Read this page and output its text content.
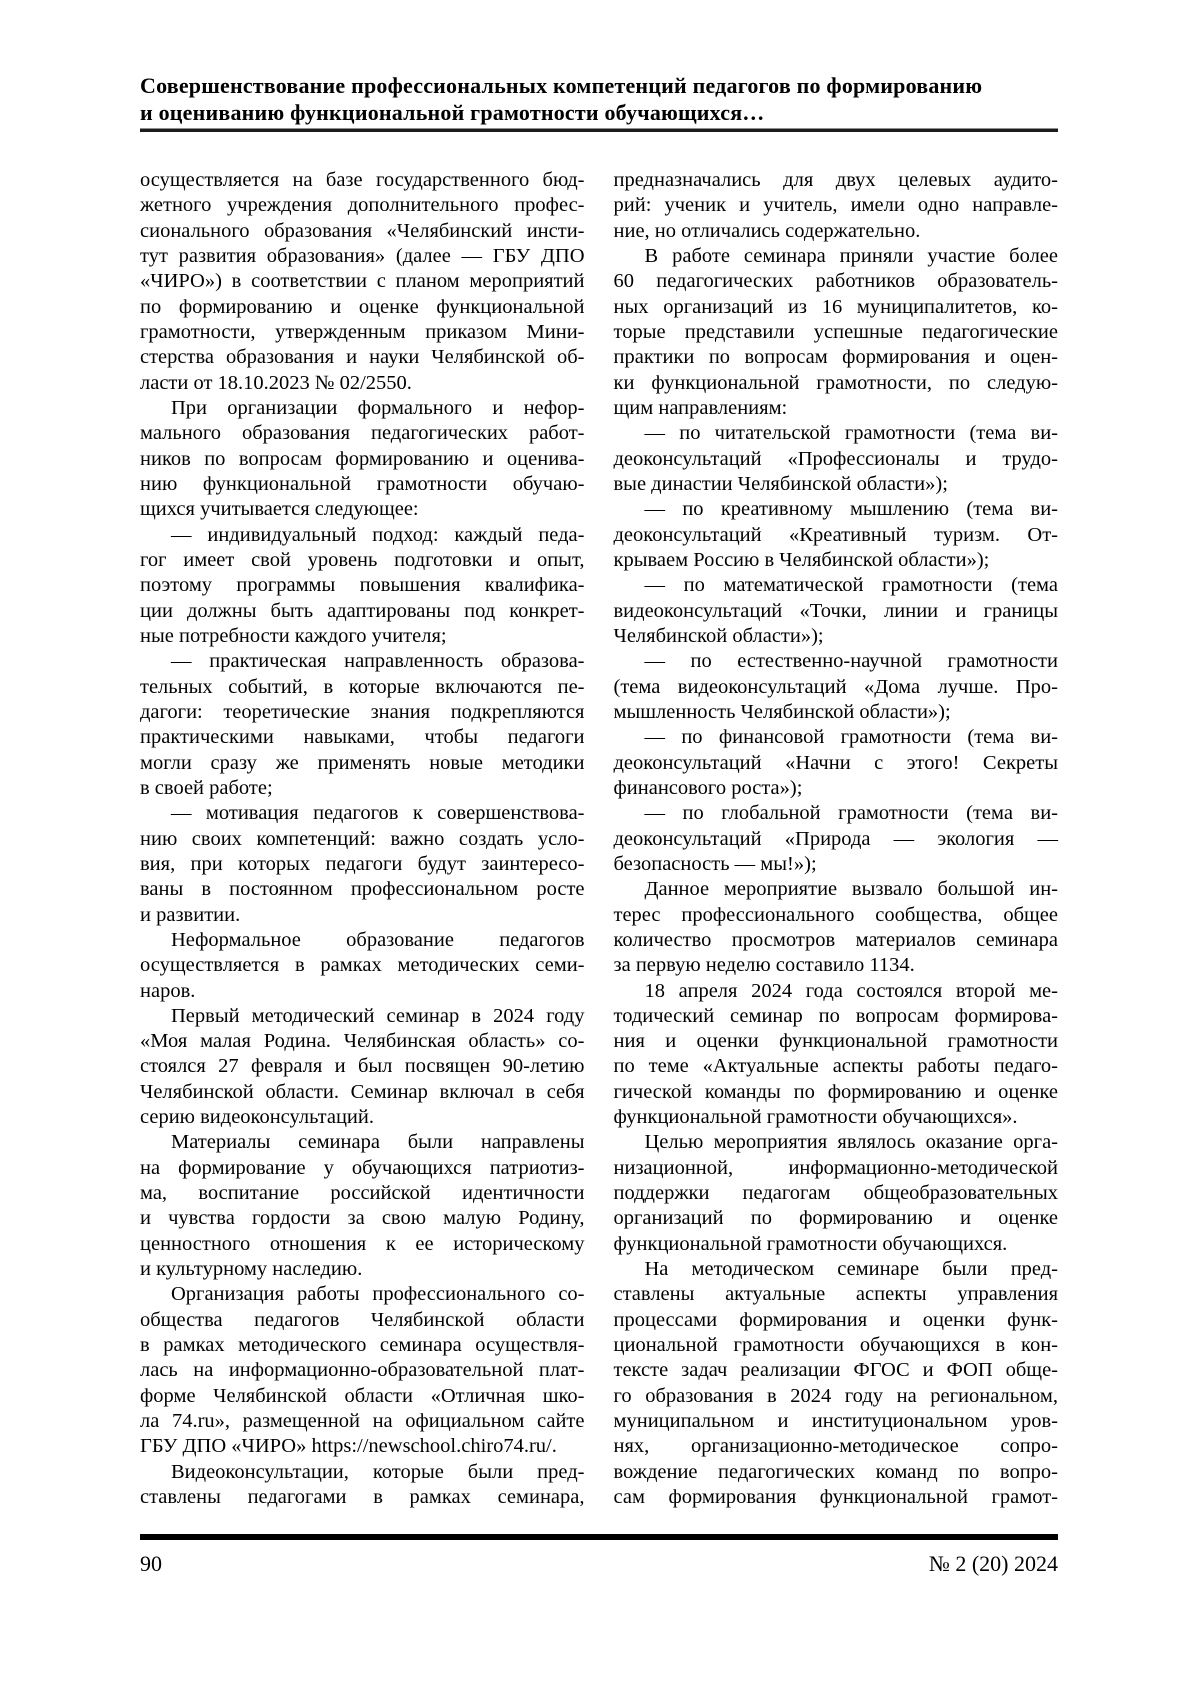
Совершенствование профессиональных компетенций педагогов по формированию
и оцениванию функциональной грамотности обучающихся…
осуществляется на базе государственного бюд-
жетного учреждения дополнительного профес-
сионального образования «Челябинский инсти-
тут развития образования» (далее — ГБУ ДПО
«ЧИРО») в соответствии с планом мероприятий
по формированию и оценке функциональной
грамотности, утвержденным приказом Мини-
стерства образования и науки Челябинской об-
ласти от 18.10.2023 № 02/2550.
При организации формального и нефор-
мального образования педагогических работ-
ников по вопросам формированию и оценива-
нию функциональной грамотности обучаю-
щихся учитывается следующее:
— индивидуальный подход: каждый педа-
гог имеет свой уровень подготовки и опыт,
поэтому программы повышения квалифика-
ции должны быть адаптированы под конкрет-
ные потребности каждого учителя;
— практическая направленность образова-
тельных событий, в которые включаются пе-
дагоги: теоретические знания подкрепляются
практическими навыками, чтобы педагоги
могли сразу же применять новые методики
в своей работе;
— мотивация педагогов к совершенствова-
нию своих компетенций: важно создать усло-
вия, при которых педагоги будут заинтересо-
ваны в постоянном профессиональном росте
и развитии.
Неформальное образование педагогов
осуществляется в рамках методических семи-
наров.
Первый методический семинар в 2024 году
«Моя малая Родина. Челябинская область» со-
стоялся 27 февраля и был посвящен 90-летию
Челябинской области. Семинар включал в себя
серию видеоконсультаций.
Материалы семинара были направлены
на формирование у обучающихся патриотиз-
ма, воспитание российской идентичности
и чувства гордости за свою малую Родину,
ценностного отношения к ее историческому
и культурному наследию.
Организация работы профессионального со-
общества педагогов Челябинской области
в рамках методического семинара осуществля-
лась на информационно-образовательной плат-
форме Челябинской области «Отличная шко-
ла 74.ru», размещенной на официальном сайте
ГБУ ДПО «ЧИРО» https://newschool.chiro74.ru/.
Видеоконсультации, которые были пред-
ставлены педагогами в рамках семинара,
предназначались для двух целевых аудито-
рий: ученик и учитель, имели одно направле-
ние, но отличались содержательно.
В работе семинара приняли участие более
60 педагогических работников образователь-
ных организаций из 16 муниципалитетов, ко-
торые представили успешные педагогические
практики по вопросам формирования и оцен-
ки функциональной грамотности, по следую-
щим направлениям:
— по читательской грамотности (тема ви-
деоконсультаций «Профессионалы и трудо-
вые династии Челябинской области»);
— по креативному мышлению (тема ви-
деоконсультаций «Креативный туризм. От-
крываем Россию в Челябинской области»);
— по математической грамотности (тема
видеоконсультаций «Точки, линии и границы
Челябинской области»);
— по естественно-научной грамотности
(тема видеоконсультаций «Дома лучше. Про-
мышленность Челябинской области»);
— по финансовой грамотности (тема ви-
деоконсультаций «Начни с этого! Секреты
финансового роста»);
— по глобальной грамотности (тема ви-
деоконсультаций «Природа — экология —
безопасность — мы!»);
Данное мероприятие вызвало большой ин-
терес профессионального сообщества, общее
количество просмотров материалов семинара
за первую неделю составило 1134.
18 апреля 2024 года состоялся второй ме-
тодический семинар по вопросам формирова-
ния и оценки функциональной грамотности
по теме «Актуальные аспекты работы педаго-
гической команды по формированию и оценке
функциональной грамотности обучающихся».
Целью мероприятия являлось оказание орга-
низационной, информационно-методической
поддержки педагогам общеобразовательных
организаций по формированию и оценке
функциональной грамотности обучающихся.
На методическом семинаре были пред-
ставлены актуальные аспекты управления
процессами формирования и оценки функ-
циональной грамотности обучающихся в кон-
тексте задач реализации ФГОС и ФОП обще-
го образования в 2024 году на региональном,
муниципальном и институциональном уров-
нях, организационно-методическое сопро-
вождение педагогических команд по вопро-
сам формирования функциональной грамот-
90	№ 2 (20) 2024
